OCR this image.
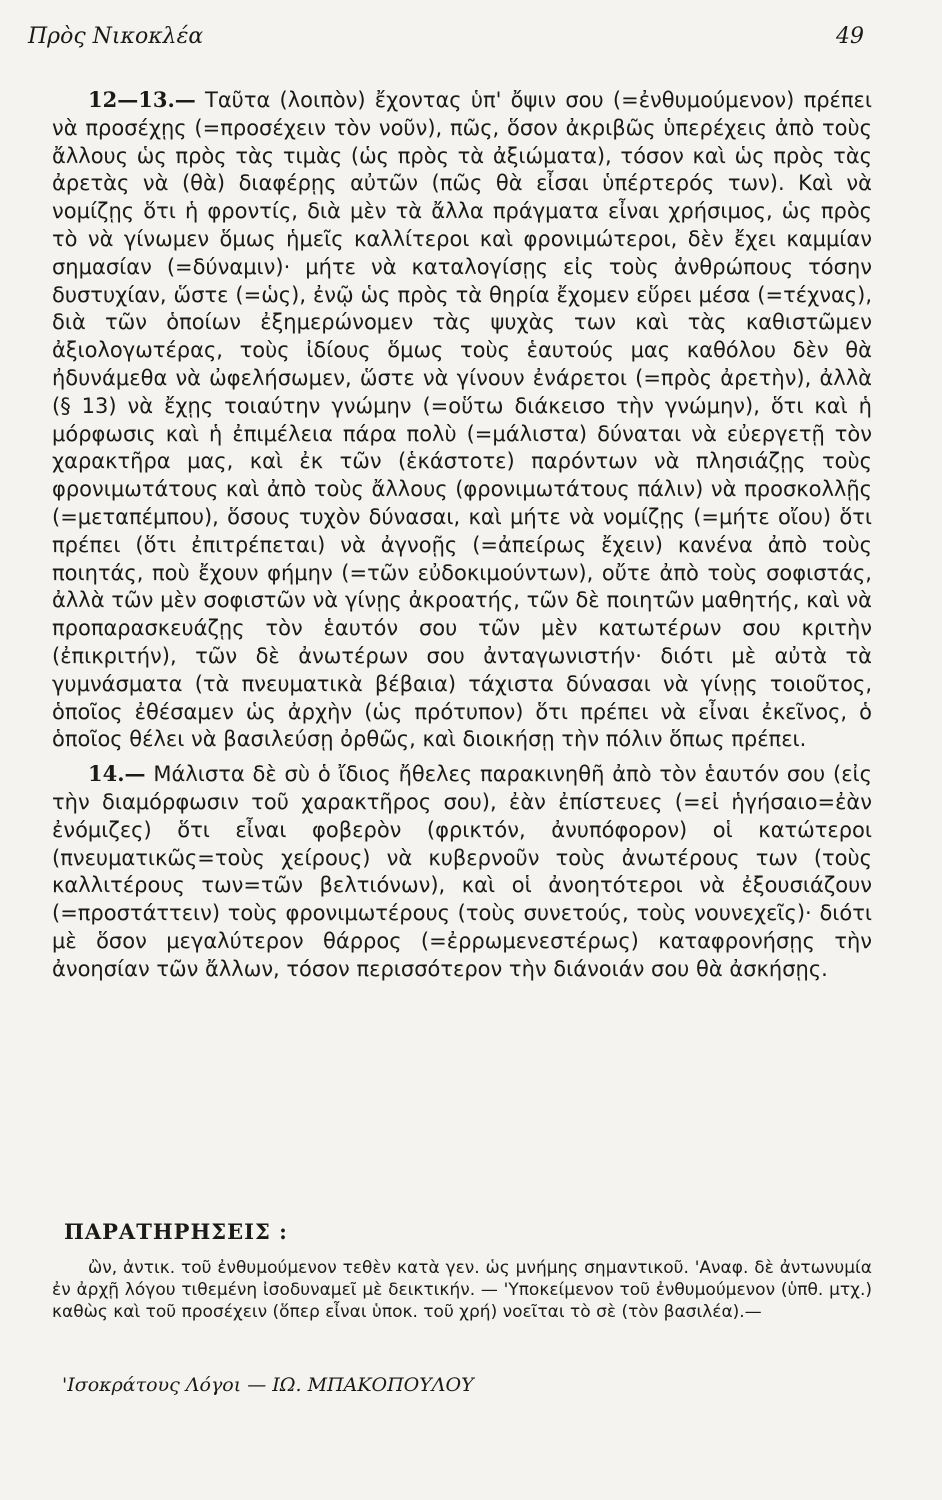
Πρὸς Νικοκλέα	49

12—13.— Ταῦτα (λοιπὸν) ἔχοντας ὑπ' ὄψιν σου (=ἐνθυμούμενον) πρέπει νὰ προσέχῃς (=προσέχειν τὸν νοῦν), πῶς, ὅσον ἀκριβῶς ὑπερέχεις ἀπὸ τοὺς ἄλλους ὡς πρὸς τὰς τιμὰς (ὡς πρὸς τὰ ἀξιώματα), τόσον καὶ ὡς πρὸς τὰς ἀρετὰς νὰ (θὰ) διαφέρῃς αὐτῶν (πῶς θὰ εἶσαι ὑπέρτερός των). Καὶ νὰ νομίζῃς ὅτι ἡ φροντίς, διὰ μὲν τὰ ἄλλα πράγματα εἶναι χρήσιμος, ὡς πρὸς τὸ νὰ γίνωμεν ὅμως ἡμεῖς καλλίτεροι καὶ φρονιμώτεροι, δὲν ἔχει καμμίαν σημασίαν (=δύναμιν)· μήτε νὰ καταλογίσῃς εἰς τοὺς ἀνθρώπους τόσην δυστυχίαν, ὥστε (=ὡς), ἐνῷ ὡς πρὸς τὰ θηρία ἔχομεν εὕρει μέσα (=τέχνας), διὰ τῶν ὁποίων ἐξημερώνομεν τὰς ψυχὰς των καὶ τὰς καθιστῶμεν ἀξιολογωτέρας, τοὺς ἰδίους ὅμως τοὺς ἑαυτούς μας καθόλου δὲν θὰ ἠδυνάμεθα νὰ ὠφελήσωμεν, ὥστε νὰ γίνουν ἐνάρετοι (=πρὸς ἀρετὴν), ἀλλὰ (§ 13) νὰ ἔχῃς τοιαύτην γνώμην (=οὕτω διάκεισο τὴν γνώμην), ὅτι καὶ ἡ μόρφωσις καὶ ἡ ἐπιμέλεια πάρα πολὺ (=μάλιστα) δύναται νὰ εὐεργετῇ τὸν χαρακτῆρα μας, καὶ ἐκ τῶν (ἑκάστοτε) παρόντων νὰ πλησιάζῃς τοὺς φρονιμωτάτους καὶ ἀπὸ τοὺς ἄλλους (φρονιμωτάτους πάλιν) νὰ προσκολλῇς (=μεταπέμπου), ὅσους τυχὸν δύνασαι, καὶ μήτε νὰ νομίζῃς (=μήτε οἴου) ὅτι πρέπει (ὅτι ἐπιτρέπεται) νὰ ἀγνοῇς (=ἀπείρως ἔχειν) κανένα ἀπὸ τοὺς ποιητάς, ποὺ ἔχουν φήμην (=τῶν εὐδοκιμούντων), οὔτε ἀπὸ τοὺς σοφιστάς, ἀλλὰ τῶν μὲν σοφιστῶν νὰ γίνῃς ἀκροατής, τῶν δὲ ποιητῶν μαθητής, καὶ νὰ προπαρασκευάζῃς τὸν ἑαυτόν σου τῶν μὲν κατωτέρων σου κριτὴν (ἐπικριτήν), τῶν δὲ ἀνωτέρων σου ἀνταγωνιστήν· διότι μὲ αὐτὰ τὰ γυμνάσματα (τὰ πνευματικὰ βέβαια) τάχιστα δύνασαι νὰ γίνῃς τοιοῦτος, ὁποῖος ἐθέσαμεν ὡς ἀρχὴν (ὡς πρότυπον) ὅτι πρέπει νὰ εἶναι ἐκεῖνος, ὁ ὁποῖος θέλει νὰ βασιλεύσῃ ὀρθῶς, καὶ διοικήσῃ τὴν πόλιν ὅπως πρέπει.

14.— Μάλιστα δὲ σὺ ὁ ἴδιος ἤθελες παρακινηθῆ ἀπὸ τὸν ἑαυτόν σου (εἰς τὴν διαμόρφωσιν τοῦ χαρακτῆρος σου), ἐὰν ἐπίστευες (=εἰ ἡγήσαιο=ἐὰν ἐνόμιζες) ὅτι εἶναι φοβερὸν (φρικτόν, ἀνυπόφορον) οἱ κατώτεροι (πνευματικῶς=τοὺς χείρους) νὰ κυβερνοῦν τοὺς ἀνωτέρους των (τοὺς καλλιτέρους των=τῶν βελτιόνων), καὶ οἱ ἀνοητότεροι νὰ ἐξουσιάζουν (=προστάττειν) τοὺς φρονιμωτέρους (τοὺς συνετούς, τοὺς νουνεχεῖς)· διότι μὲ ὅσον μεγαλύτερον θάρρος (=ἐρρωμενεστέρως) καταφρονήσῃς τὴν ἀνοησίαν τῶν ἄλλων, τόσον περισσότερον τὴν διάνοιάν σου θὰ ἀσκήσῃς.

ΠΑΡΑΤΗΡΗΣΕΙΣ :

ὢν, ἀντικ. τοῦ ἐνθυμούμενον τεθὲν κατὰ γεν. ὡς μνήμης σημαντικοῦ. 'Αναφ. δὲ ἀντωνυμία ἐν ἀρχῇ λόγου τιθεμένη ἰσοδυναμεῖ μὲ δεικτικήν. — 'Υποκείμενον τοῦ ἐνθυμούμενον (ὑπθ. μτχ.) καθὼς καὶ τοῦ προσέχειν (ὅπερ εἶναι ὑποκ. τοῦ χρή) νοεῖται τὸ σὲ (τὸν βασιλέα).—

'Ισοκράτους Λόγοι — ΙΩ. ΜΠΑΚΟΠΟΥΛΟΥ
